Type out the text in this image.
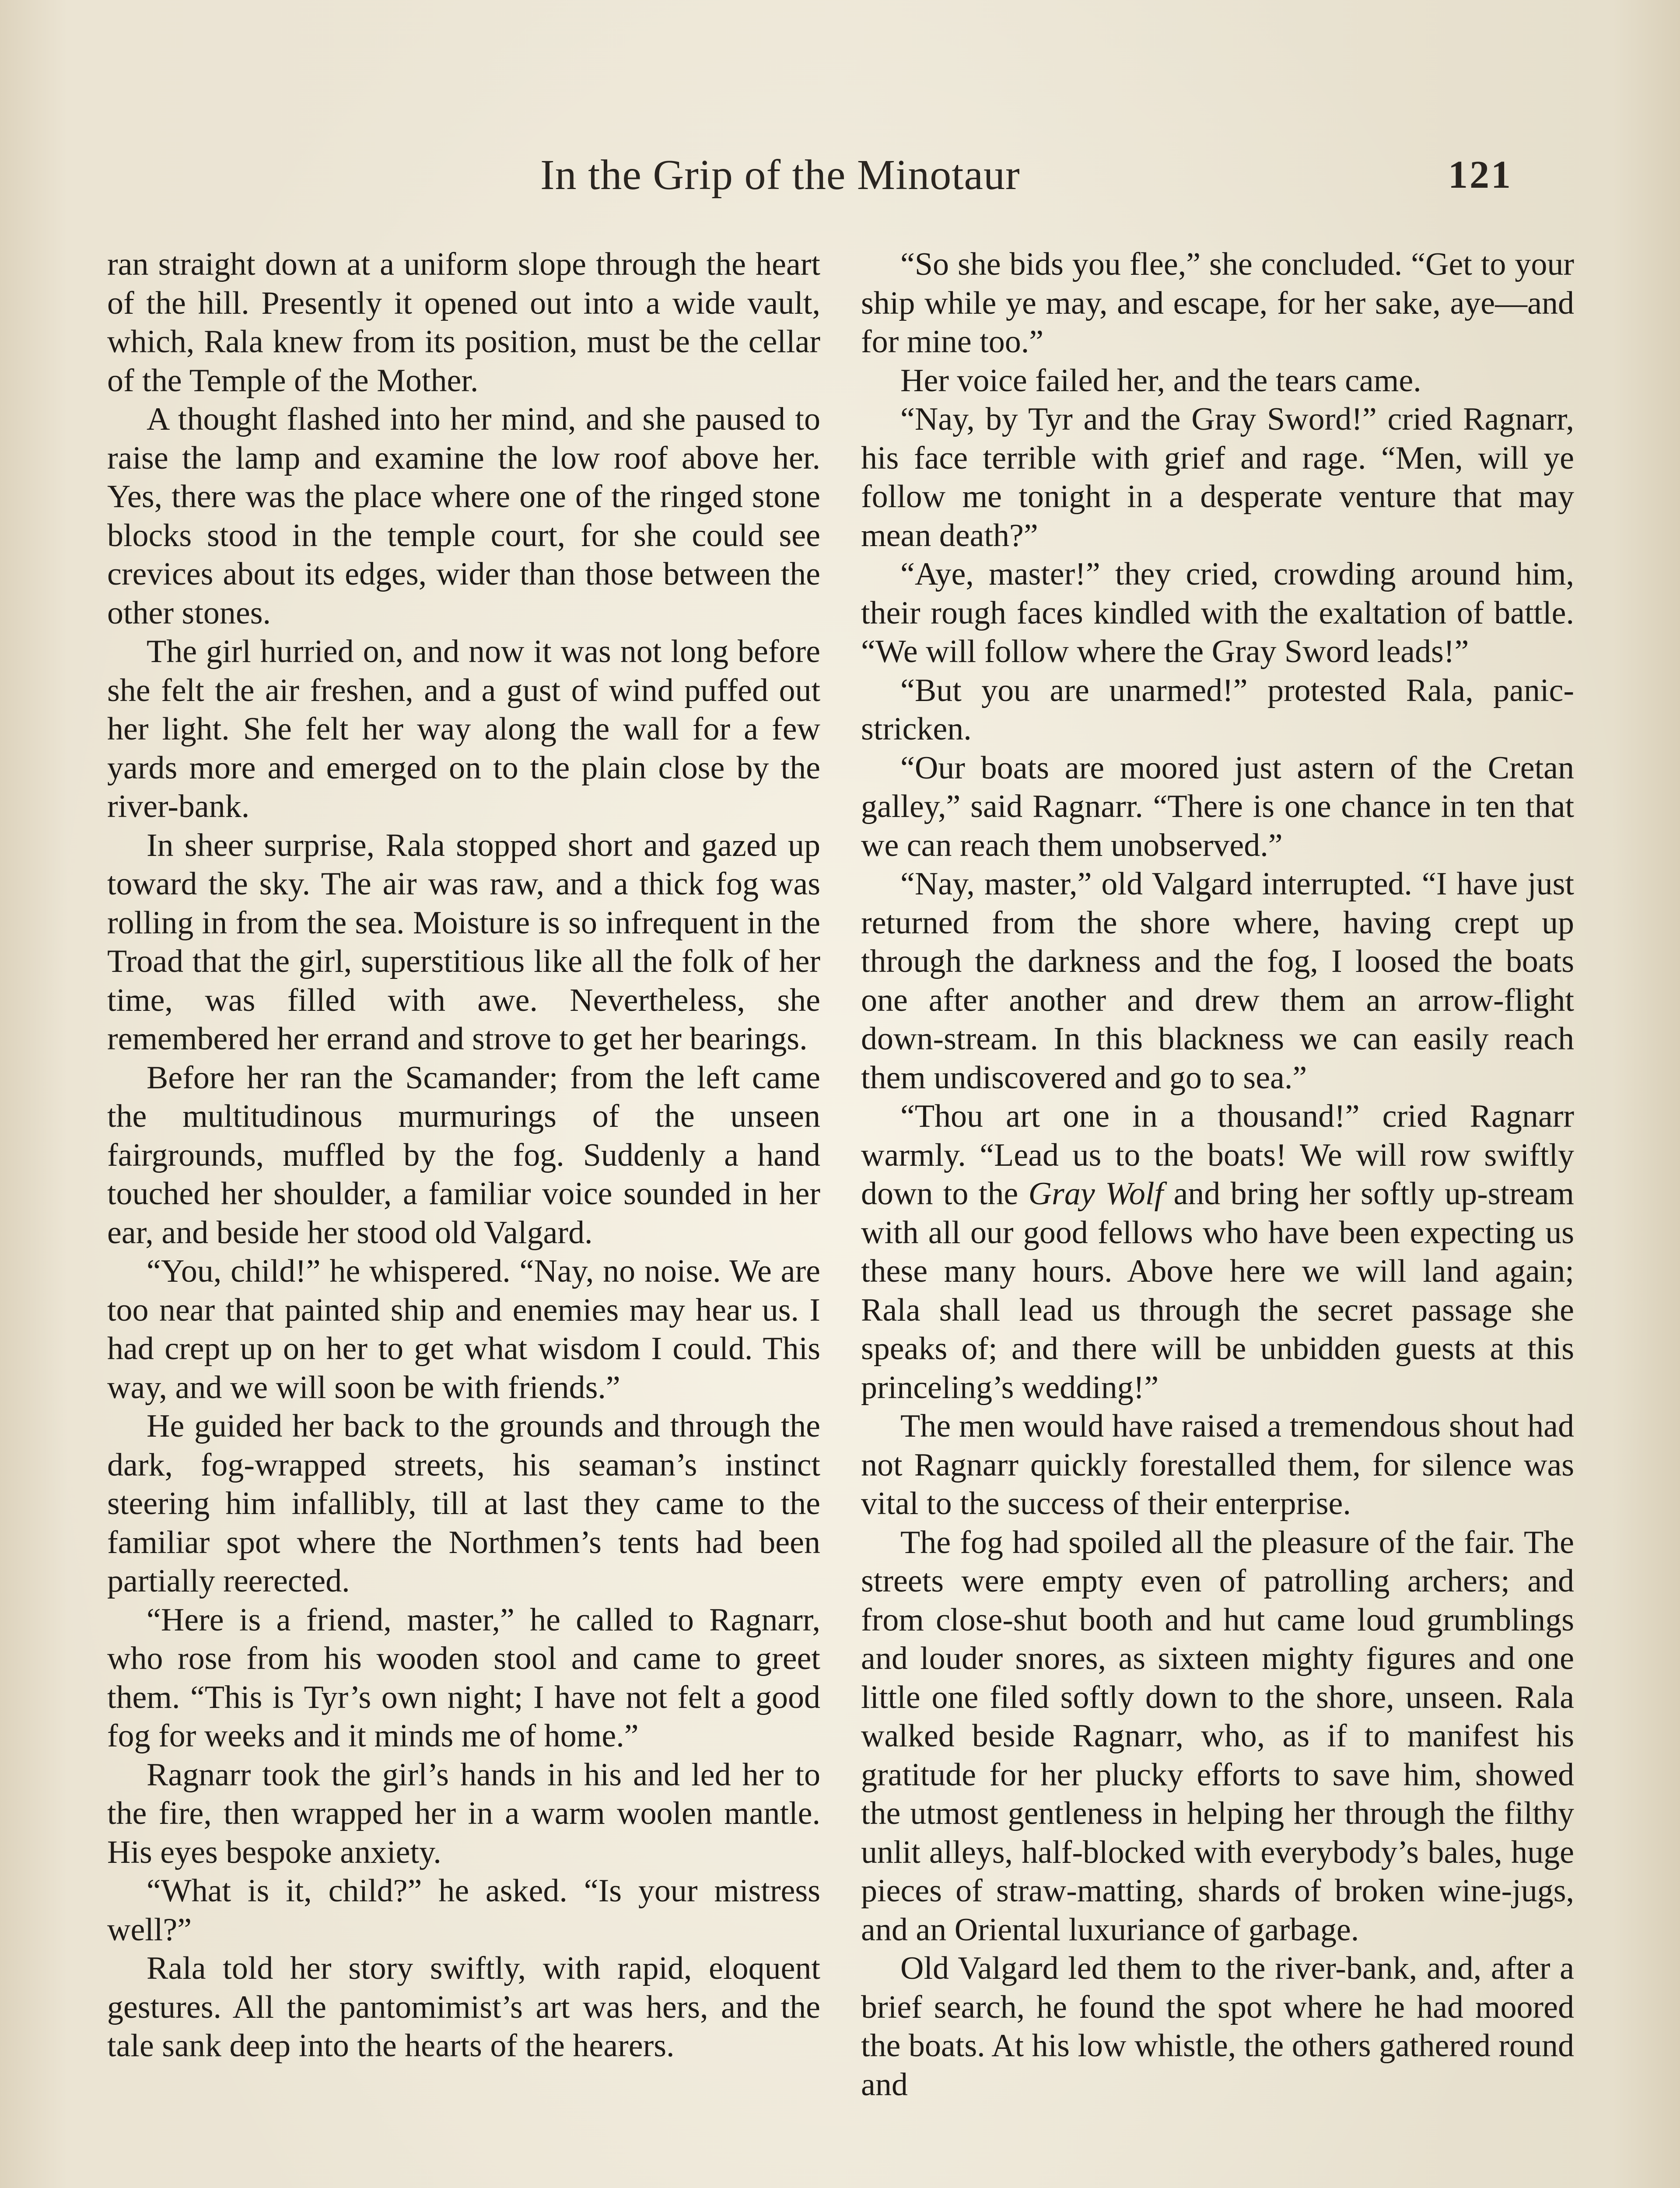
In the Grip of the Minotaur	121

ran straight down at a uniform slope through the heart of the hill. Presently it opened out into a wide vault, which, Rala knew from its position, must be the cellar of the Temple of the Mother.

A thought flashed into her mind, and she paused to raise the lamp and examine the low roof above her. Yes, there was the place where one of the ringed stone blocks stood in the temple court, for she could see crevices about its edges, wider than those between the other stones.

The girl hurried on, and now it was not long before she felt the air freshen, and a gust of wind puffed out her light. She felt her way along the wall for a few yards more and emerged on to the plain close by the river-bank.

In sheer surprise, Rala stopped short and gazed up toward the sky. The air was raw, and a thick fog was rolling in from the sea. Moisture is so infrequent in the Troad that the girl, superstitious like all the folk of her time, was filled with awe. Nevertheless, she remembered her errand and strove to get her bearings.

Before her ran the Scamander; from the left came the multitudinous murmurings of the unseen fairgrounds, muffled by the fog. Suddenly a hand touched her shoulder, a familiar voice sounded in her ear, and beside her stood old Valgard.

“You, child!” he whispered. “Nay, no noise. We are too near that painted ship and enemies may hear us. I had crept up on her to get what wisdom I could. This way, and we will soon be with friends.”

He guided her back to the grounds and through the dark, fog-wrapped streets, his seaman’s instinct steering him infallibly, till at last they came to the familiar spot where the Northmen’s tents had been partially reerected.

“Here is a friend, master,” he called to Ragnarr, who rose from his wooden stool and came to greet them. “This is Tyr’s own night; I have not felt a good fog for weeks and it minds me of home.”

Ragnarr took the girl’s hands in his and led her to the fire, then wrapped her in a warm woolen mantle. His eyes bespoke anxiety.

“What is it, child?” he asked. “Is your mistress well?”

Rala told her story swiftly, with rapid, eloquent gestures. All the pantomimist’s art was hers, and the tale sank deep into the hearts of the hearers.

“So she bids you flee,” she concluded. “Get to your ship while ye may, and escape, for her sake, aye—and for mine too.”

Her voice failed her, and the tears came.

“Nay, by Tyr and the Gray Sword!” cried Ragnarr, his face terrible with grief and rage. “Men, will ye follow me tonight in a desperate venture that may mean death?”

“Aye, master!” they cried, crowding around him, their rough faces kindled with the exaltation of battle. “We will follow where the Gray Sword leads!”

“But you are unarmed!” protested Rala, panic-stricken.

“Our boats are moored just astern of the Cretan galley,” said Ragnarr. “There is one chance in ten that we can reach them unobserved.”

“Nay, master,” old Valgard interrupted. “I have just returned from the shore where, having crept up through the darkness and the fog, I loosed the boats one after another and drew them an arrow-flight down-stream. In this blackness we can easily reach them undiscovered and go to sea.”

“Thou art one in a thousand!” cried Ragnarr warmly. “Lead us to the boats! We will row swiftly down to the Gray Wolf and bring her softly up-stream with all our good fellows who have been expecting us these many hours. Above here we will land again; Rala shall lead us through the secret passage she speaks of; and there will be unbidden guests at this princeling’s wedding!”

The men would have raised a tremendous shout had not Ragnarr quickly forestalled them, for silence was vital to the success of their enterprise.

The fog had spoiled all the pleasure of the fair. The streets were empty even of patrolling archers; and from close-shut booth and hut came loud grumblings and louder snores, as sixteen mighty figures and one little one filed softly down to the shore, unseen. Rala walked beside Ragnarr, who, as if to manifest his gratitude for her plucky efforts to save him, showed the utmost gentleness in helping her through the filthy unlit alleys, half-blocked with everybody’s bales, huge pieces of straw-matting, shards of broken wine-jugs, and an Oriental luxuriance of garbage.

Old Valgard led them to the river-bank, and, after a brief search, he found the spot where he had moored the boats. At his low whistle, the others gathered round and
